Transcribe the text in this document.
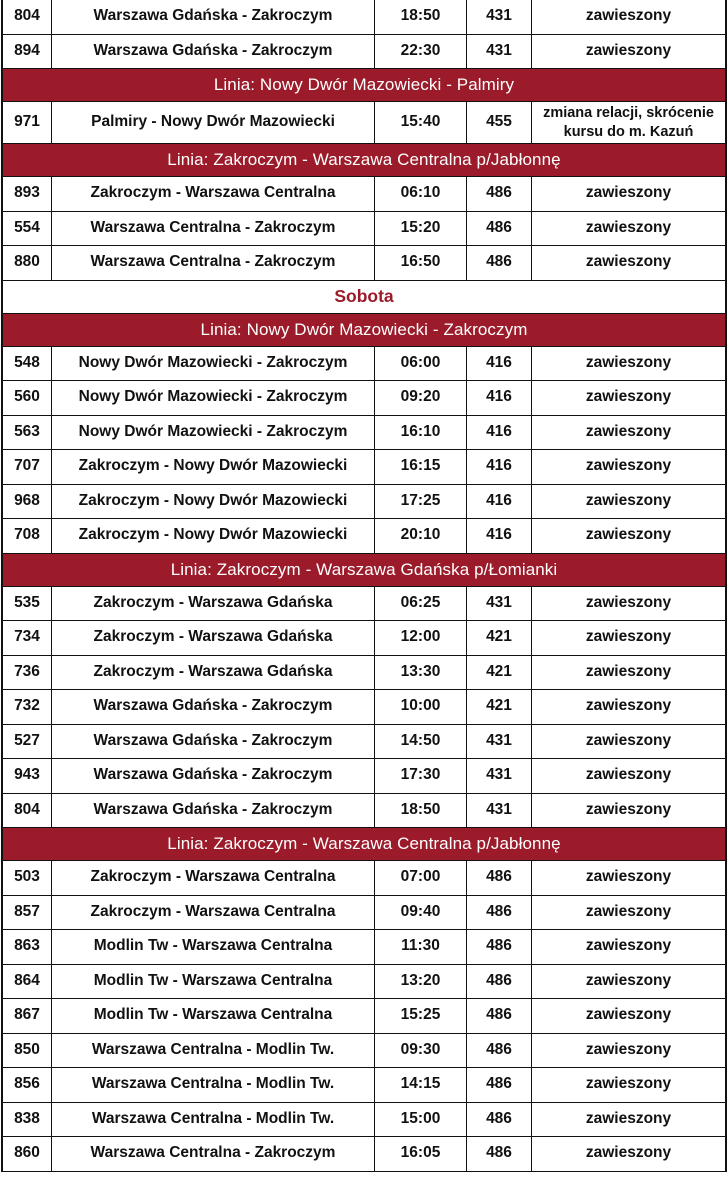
804	Warszawa Gdańska - Zakroczym	18:50	431	zawieszony
894	Warszawa Gdańska - Zakroczym	22:30	431	zawieszony
Linia: Nowy Dwór Mazowiecki - Palmiry
971	Palmiry - Nowy Dwór Mazowiecki	15:40	455	zmiana relacji, skrócenie kursu do m. Kazuń
Linia: Zakroczym - Warszawa Centralna p/Jabłonnę
893	Zakroczym - Warszawa Centralna	06:10	486	zawieszony
554	Warszawa Centralna - Zakroczym	15:20	486	zawieszony
880	Warszawa Centralna - Zakroczym	16:50	486	zawieszony
Sobota
Linia: Nowy Dwór Mazowiecki - Zakroczym
548	Nowy Dwór Mazowiecki - Zakroczym	06:00	416	zawieszony
560	Nowy Dwór Mazowiecki - Zakroczym	09:20	416	zawieszony
563	Nowy Dwór Mazowiecki - Zakroczym	16:10	416	zawieszony
707	Zakroczym - Nowy Dwór Mazowiecki	16:15	416	zawieszony
968	Zakroczym - Nowy Dwór Mazowiecki	17:25	416	zawieszony
708	Zakroczym - Nowy Dwór Mazowiecki	20:10	416	zawieszony
Linia: Zakroczym - Warszawa Gdańska p/Łomianki
535	Zakroczym - Warszawa Gdańska	06:25	431	zawieszony
734	Zakroczym - Warszawa Gdańska	12:00	421	zawieszony
736	Zakroczym - Warszawa Gdańska	13:30	421	zawieszony
732	Warszawa Gdańska - Zakroczym	10:00	421	zawieszony
527	Warszawa Gdańska - Zakroczym	14:50	431	zawieszony
943	Warszawa Gdańska - Zakroczym	17:30	431	zawieszony
804	Warszawa Gdańska - Zakroczym	18:50	431	zawieszony
Linia: Zakroczym - Warszawa Centralna p/Jabłonnę
503	Zakroczym - Warszawa Centralna	07:00	486	zawieszony
857	Zakroczym - Warszawa Centralna	09:40	486	zawieszony
863	Modlin Tw - Warszawa Centralna	11:30	486	zawieszony
864	Modlin Tw - Warszawa Centralna	13:20	486	zawieszony
867	Modlin Tw - Warszawa Centralna	15:25	486	zawieszony
850	Warszawa Centralna - Modlin Tw.	09:30	486	zawieszony
856	Warszawa Centralna - Modlin Tw.	14:15	486	zawieszony
838	Warszawa Centralna - Modlin Tw.	15:00	486	zawieszony
860	Warszawa Centralna - Zakroczym	16:05	486	zawieszony
